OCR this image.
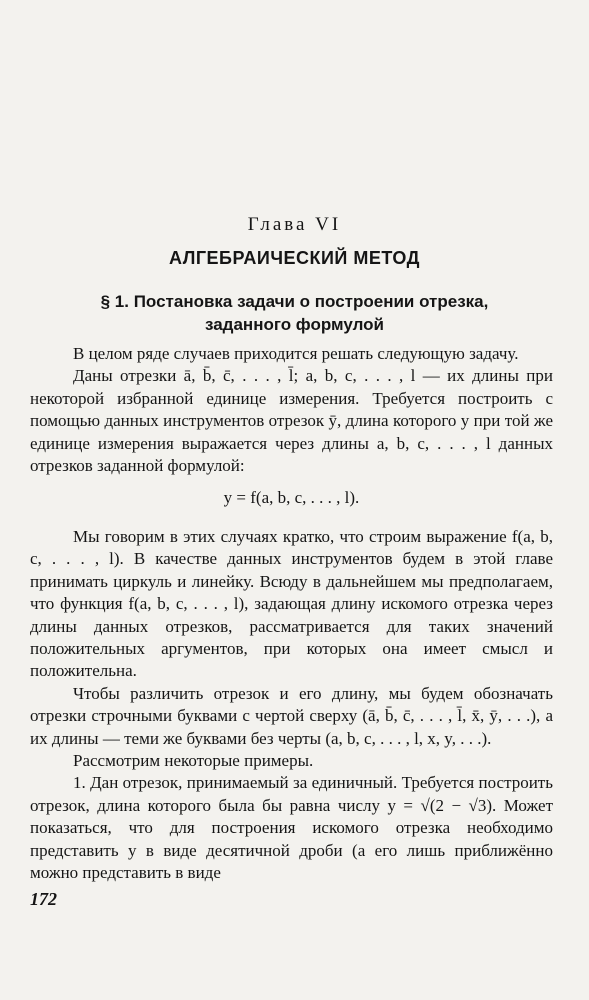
Глава VI
АЛГЕБРАИЧЕСКИЙ МЕТОД
§ 1. Постановка задачи о построении отрезка,
заданного формулой

В целом ряде случаев приходится решать следующую задачу.

Даны отрезки ā, b̄, c̄, . . . , l̄; a, b, c, . . . , l — их длины при некоторой избранной единице измерения. Требуется построить с помощью данных инструментов отрезок ȳ, длина которого y при той же единице измерения выражается через длины a, b, c, . . . , l данных отрезков заданной формулой:

y = f(a, b, c, . . . , l).

Мы говорим в этих случаях кратко, что строим выражение f(a, b, c, . . . , l). В качестве данных инструментов будем в этой главе принимать циркуль и линейку. Всюду в дальнейшем мы предполагаем, что функция f(a, b, c, . . . , l), задающая длину искомого отрезка через длины данных отрезков, рассматривается для таких значений положительных аргументов, при которых она имеет смысл и положительна.

Чтобы различить отрезок и его длину, мы будем обозначать отрезки строчными буквами с чертой сверху (ā, b̄, c̄, . . . , l̄, x̄, ȳ, . . .), а их длины — теми же буквами без черты (a, b, c, . . . , l, x, y, . . .).

Рассмотрим некоторые примеры.

1. Дан отрезок, принимаемый за единичный. Требуется построить отрезок, длина которого была бы равна числу y = √(2 − √3). Может показаться, что для построения искомого отрезка необходимо представить y в виде десятичной дроби (а его лишь приближённо можно представить в виде

172
